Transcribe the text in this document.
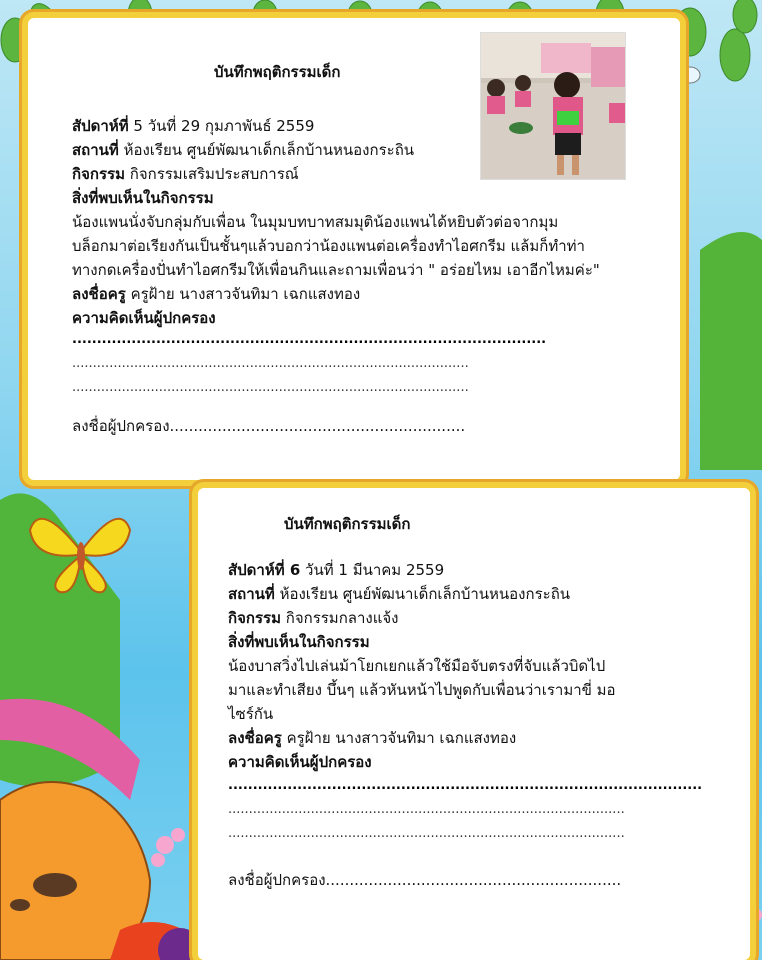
บันทึกพฤติกรรมเด็ก
สัปดาห์ที่ 5 วันที่ 29 กุมภาพันธ์ 2559
สถานที่ ห้องเรียน ศูนย์พัฒนาเด็กเล็กบ้านหนองกระถิน
กิจกรรม กิจกรรมเสริมประสบการณ์
สิ่งที่พบเห็นในกิจกรรม
น้องแพนนั่งจับกลุ่มกับเพื่อน ในมุมบทบาทสมมุติน้องแพนได้หยิบตัวต่อจากมุม
บล็อกมาต่อเรียงกันเป็นชั้นๆแล้วบอกว่าน้องแพนต่อเครื่องทำไอศกรีม แล้มก็ทำท่า
ทางกดเครื่องปั่นทำไอศกรีมให้เพื่อนกินและถามเพื่อนว่า " อร่อยไหม เอาอีกไหมค่ะ"
ลงชื่อครู ครูฝ้าย นางสาวจันทิมา เฉกแสงทอง
ความคิดเห็นผู้ปกครอง
................................................................................................
................................................................................................
................................................................................................
ลงชื่อผู้ปกครอง..............................................................
บันทึกพฤติกรรมเด็ก
สัปดาห์ที่ 6 วันที่ 1 มีนาคม 2559
สถานที่ ห้องเรียน ศูนย์พัฒนาเด็กเล็กบ้านหนองกระถิน
กิจกรรม กิจกรรมกลางแจ้ง
สิ่งที่พบเห็นในกิจกรรม
น้องบาสวิ่งไปเล่นม้าโยกเยกแล้วใช้มือจับตรงที่จับแล้วบิดไป
มาและทำเสียง บึ้นๆ แล้วหันหน้าไปพูดกับเพื่อนว่าเรามาขี่ มอ
ไซร์กัน
ลงชื่อครู ครูฝ้าย นางสาวจันทิมา เฉกแสงทอง
ความคิดเห็นผู้ปกครอง
................................................................................................
................................................................................................
................................................................................................
ลงชื่อผู้ปกครอง..............................................................
